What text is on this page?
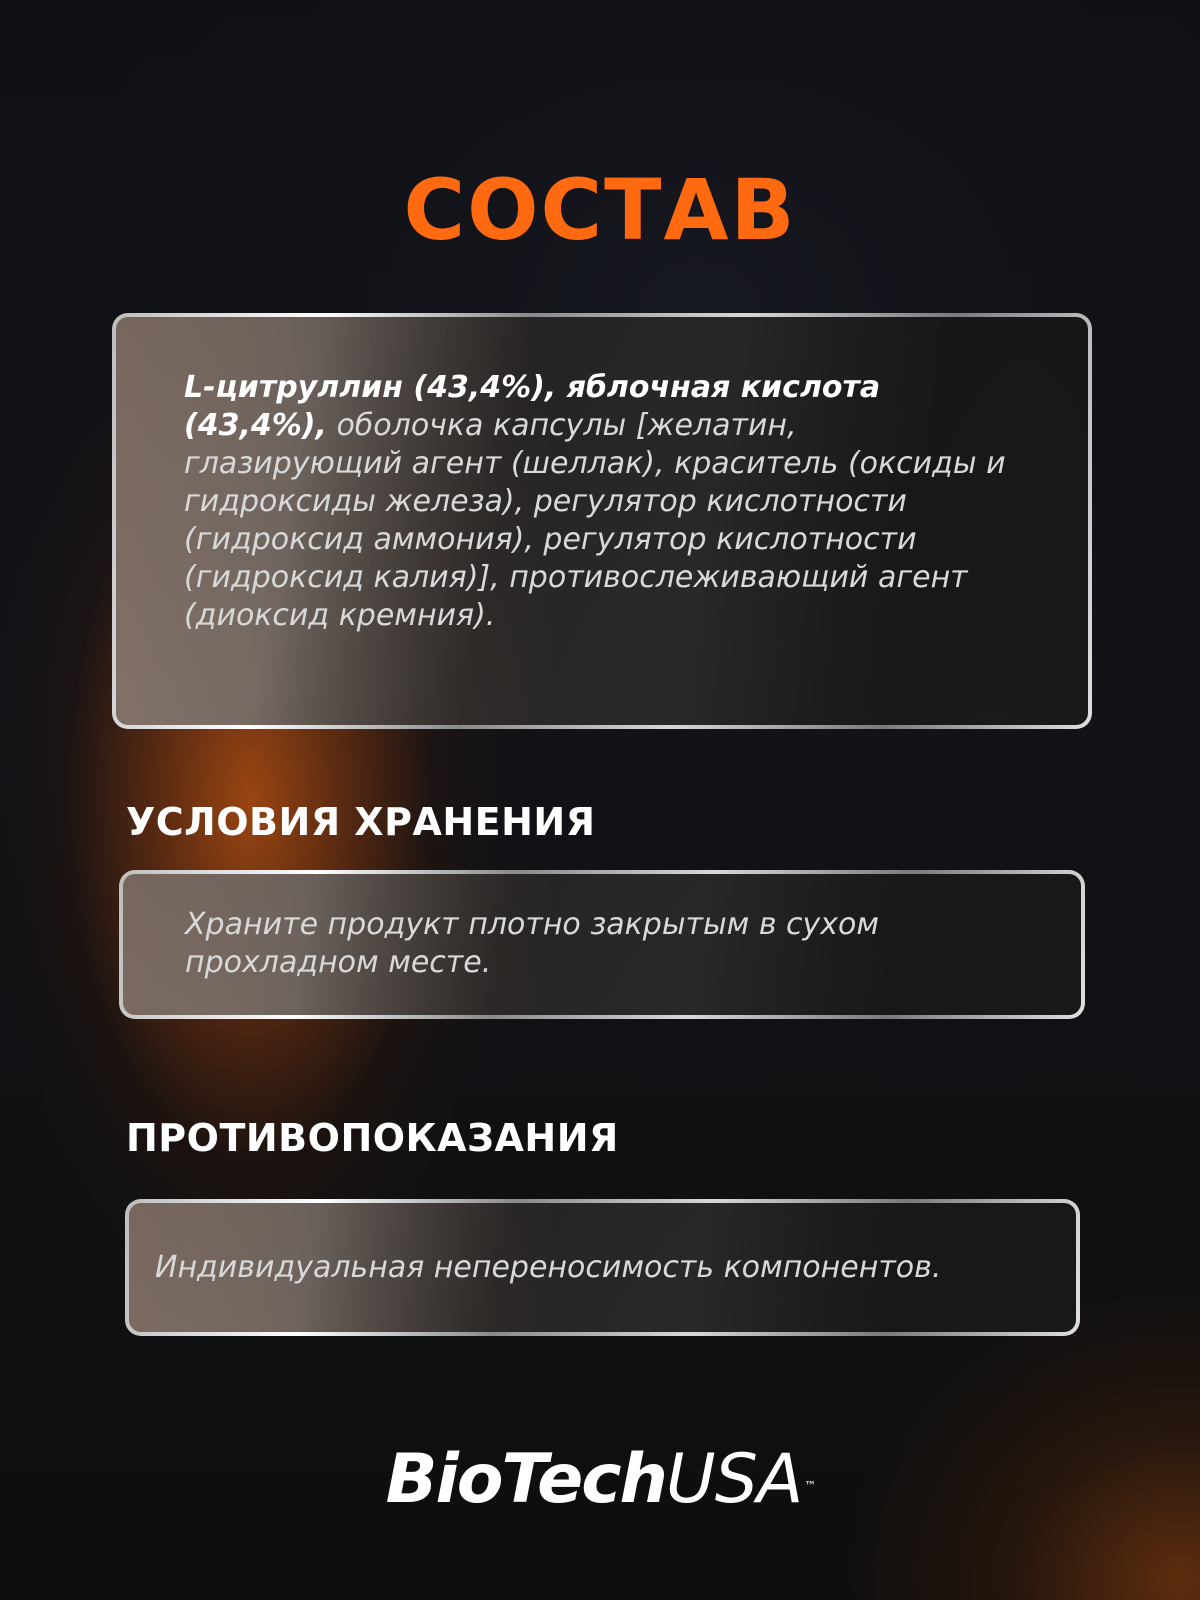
СОСТАВ

L-цитруллин (43,4%), яблочная кислота (43,4%), оболочка капсулы [желатин, глазирующий агент (шеллак), краситель (оксиды и гидроксиды железа), регулятор кислотности (гидроксид аммония), регулятор кислотности (гидроксид калия)], противослеживающий агент (диоксид кремния).

УСЛОВИЯ ХРАНЕНИЯ

Храните продукт плотно закрытым в сухом прохладном месте.

ПРОТИВОПОКАЗАНИЯ

Индивидуальная непереносимость компонентов.

BioTechUSA ™
